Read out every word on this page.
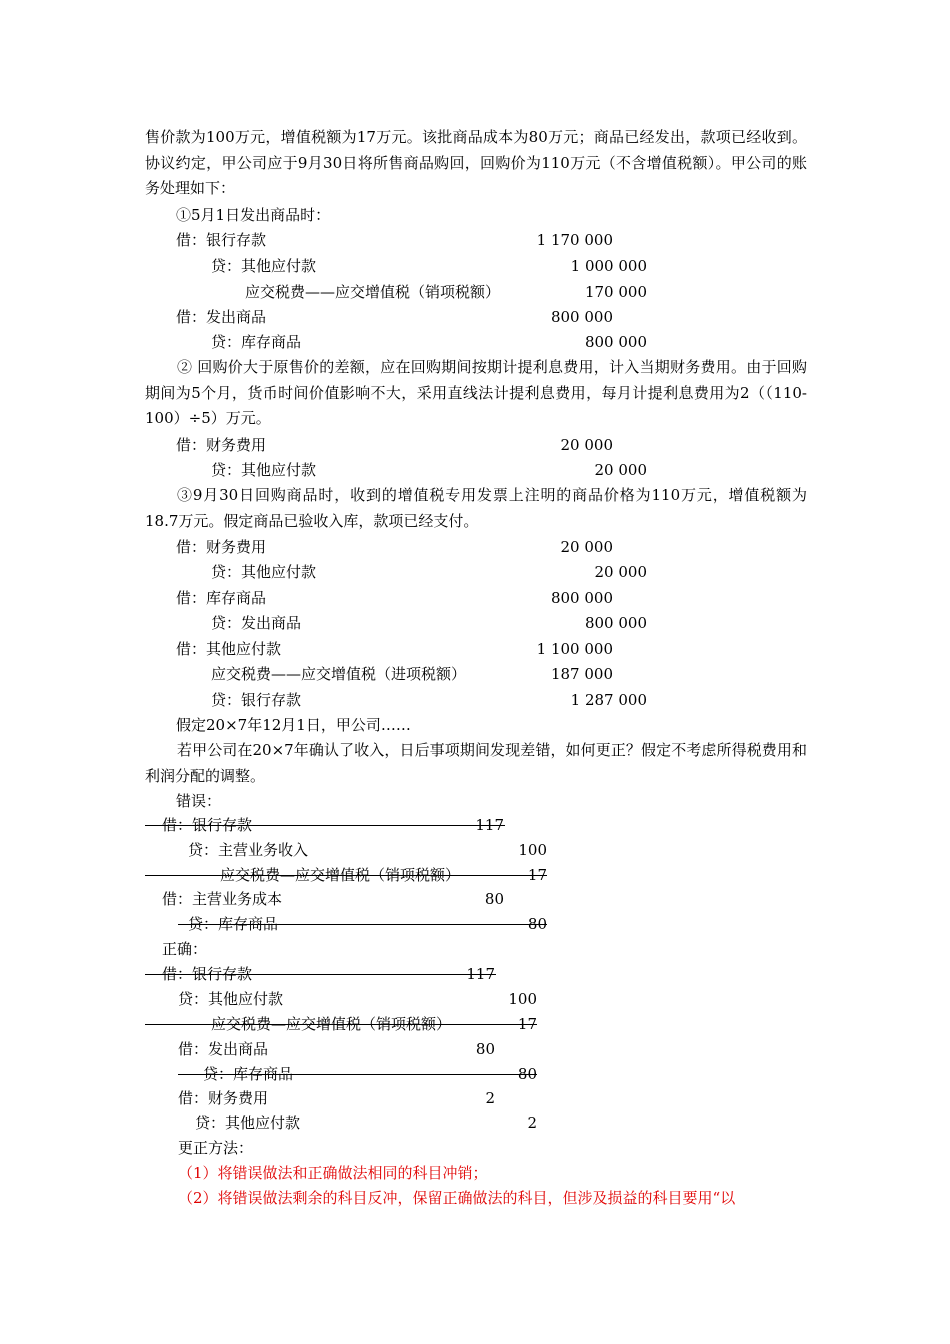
售价款为100万元，增值税额为17万元。该批商品成本为80万元；商品已经发出，款项已经收到。协议约定，甲公司应于9月30日将所售商品购回，回购价为110万元（不含增值税额）。甲公司的账务处理如下：
①5月1日发出商品时：
借：银行存款	1 170 000
贷：其他应付款	1 000 000
应交税费——应交增值税（销项税额）	170 000
借：发出商品	800 000
贷：库存商品	800 000
② 回购价大于原售价的差额，应在回购期间按期计提利息费用，计入当期财务费用。由于回购期间为5个月，货币时间价值影响不大，采用直线法计提利息费用，每月计提利息费用为2（（110-100）÷5）万元。
借：财务费用	20 000
贷：其他应付款	20 000
③9月30日回购商品时，收到的增值税专用发票上注明的商品价格为110万元，增值税额为18.7万元。假定商品已验收入库，款项已经支付。
借：财务费用	20 000
贷：其他应付款	20 000
借：库存商品	800 000
贷：发出商品	800 000
借：其他应付款	1 100 000
应交税费——应交增值税（进项税额）	187 000
贷：银行存款	1 287 000
假定20×7年12月1日，甲公司……
若甲公司在20×7年确认了收入，日后事项期间发现差错，如何更正？假定不考虑所得税费用和利润分配的调整。
错误：
借：银行存款	117
贷：主营业务收入	100
应交税费—应交增值税（销项税额）	17
借：主营业务成本	80
贷：库存商品	80
正确：
借：银行存款	117
贷：其他应付款	100
应交税费—应交增值税（销项税额）	17
借：发出商品	80
贷：库存商品	80
借：财务费用	2
贷：其他应付款	2
更正方法：
（1）将错误做法和正确做法相同的科目冲销；
（2）将错误做法剩余的科目反冲，保留正确做法的科目，但涉及损益的科目要用“以
